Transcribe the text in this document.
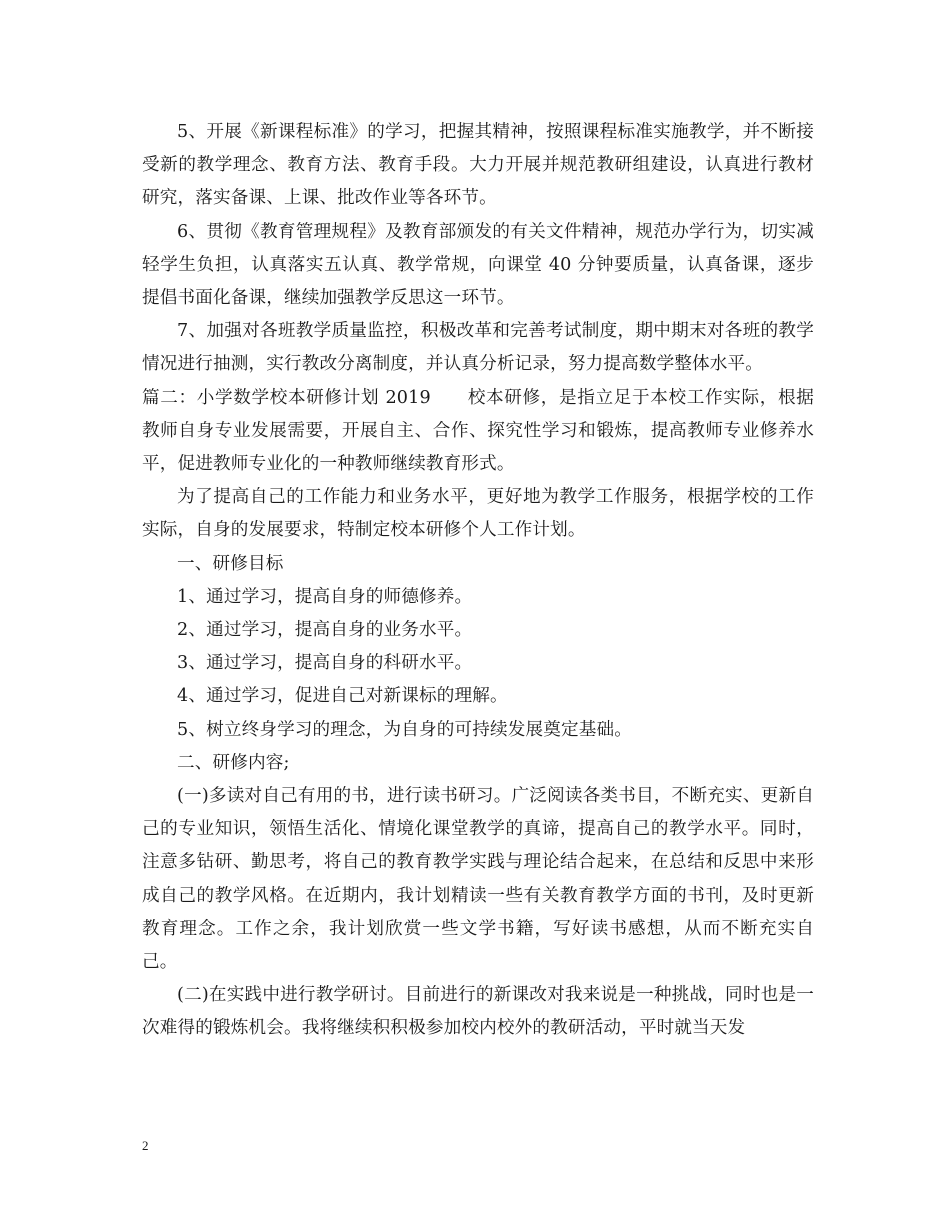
5、开展《新课程标准》的学习，把握其精神，按照课程标准实施教学，并不断接受新的教学理念、教育方法、教育手段。大力开展并规范教研组建设，认真进行教材研究，落实备课、上课、批改作业等各环节。

6、贯彻《教育管理规程》及教育部颁发的有关文件精神，规范办学行为，切实减轻学生负担，认真落实五认真、教学常规，向课堂 40 分钟要质量，认真备课，逐步提倡书面化备课，继续加强教学反思这一环节。

7、加强对各班教学质量监控，积极改革和完善考试制度，期中期末对各班的教学情况进行抽测，实行教改分离制度，并认真分析记录，努力提高数学整体水平。

篇二：小学数学校本研修计划 2019　　校本研修，是指立足于本校工作实际，根据教师自身专业发展需要，开展自主、合作、探究性学习和锻炼，提高教师专业修养水平，促进教师专业化的一种教师继续教育形式。

为了提高自己的工作能力和业务水平，更好地为教学工作服务，根据学校的工作实际，自身的发展要求，特制定校本研修个人工作计划。

一、研修目标

1、通过学习，提高自身的师德修养。

2、通过学习，提高自身的业务水平。

3、通过学习，提高自身的科研水平。

4、通过学习，促进自己对新课标的理解。

5、树立终身学习的理念，为自身的可持续发展奠定基础。

二、研修内容;

(一)多读对自己有用的书，进行读书研习。广泛阅读各类书目，不断充实、更新自己的专业知识，领悟生活化、情境化课堂教学的真谛，提高自己的教学水平。同时，注意多钻研、勤思考，将自己的教育教学实践与理论结合起来，在总结和反思中来形成自己的教学风格。在近期内，我计划精读一些有关教育教学方面的书刊，及时更新教育理念。工作之余，我计划欣赏一些文学书籍，写好读书感想，从而不断充实自己。

(二)在实践中进行教学研讨。目前进行的新课改对我来说是一种挑战，同时也是一次难得的锻炼机会。我将继续积积极参加校内校外的教研活动，平时就当天发

2
